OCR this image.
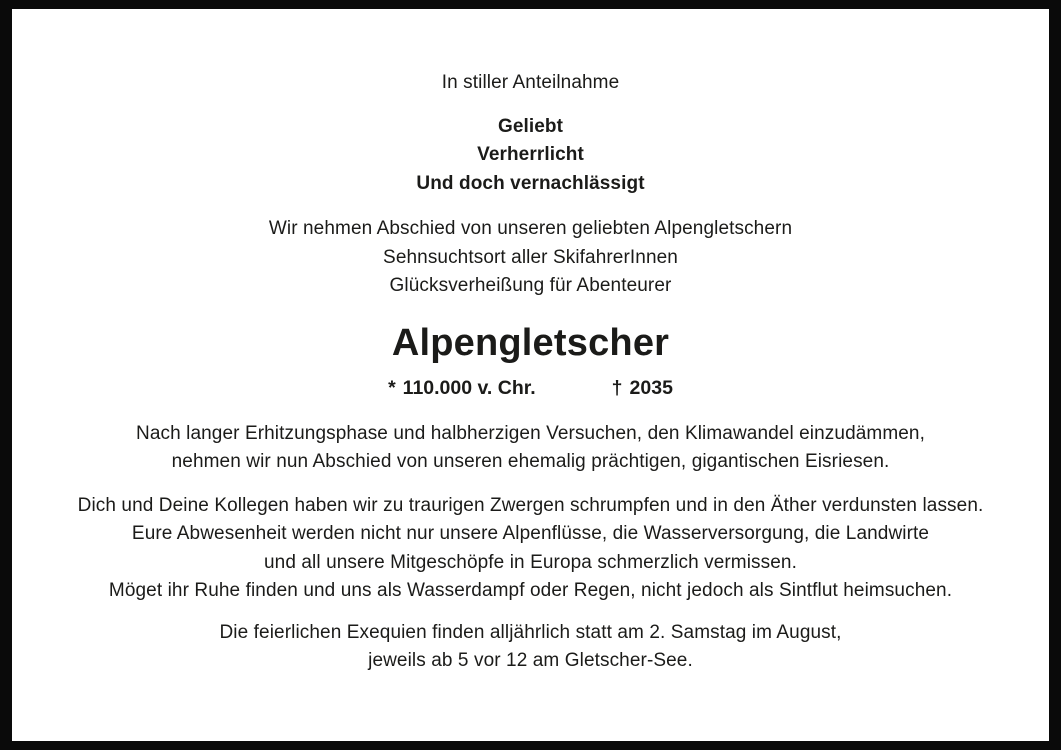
In stiller Anteilnahme
Geliebt
Verherrlicht
Und doch vernachlässigt
Wir nehmen Abschied von unseren geliebten Alpengletschern
Sehnsuchtsort aller SkifahrerInnen
Glücksverheißung für Abenteurer
Alpengletscher
* 110.000 v. Chr.	† 2035
Nach langer Erhitzungsphase und halbherzigen Versuchen, den Klimawandel einzudämmen,
nehmen wir nun Abschied von unseren ehemalig prächtigen, gigantischen Eisriesen.
Dich und Deine Kollegen haben wir zu traurigen Zwergen schrumpfen und in den Äther verdunsten lassen.
Eure Abwesenheit werden nicht nur unsere Alpenflüsse, die Wasserversorgung, die Landwirte
und all unsere Mitgeschöpfe in Europa schmerzlich vermissen.
Möget ihr Ruhe finden und uns als Wasserdampf oder Regen, nicht jedoch als Sintflut heimsuchen.
Die feierlichen Exequien finden alljährlich statt am 2. Samstag im August,
jeweils ab 5 vor 12 am Gletscher-See.
